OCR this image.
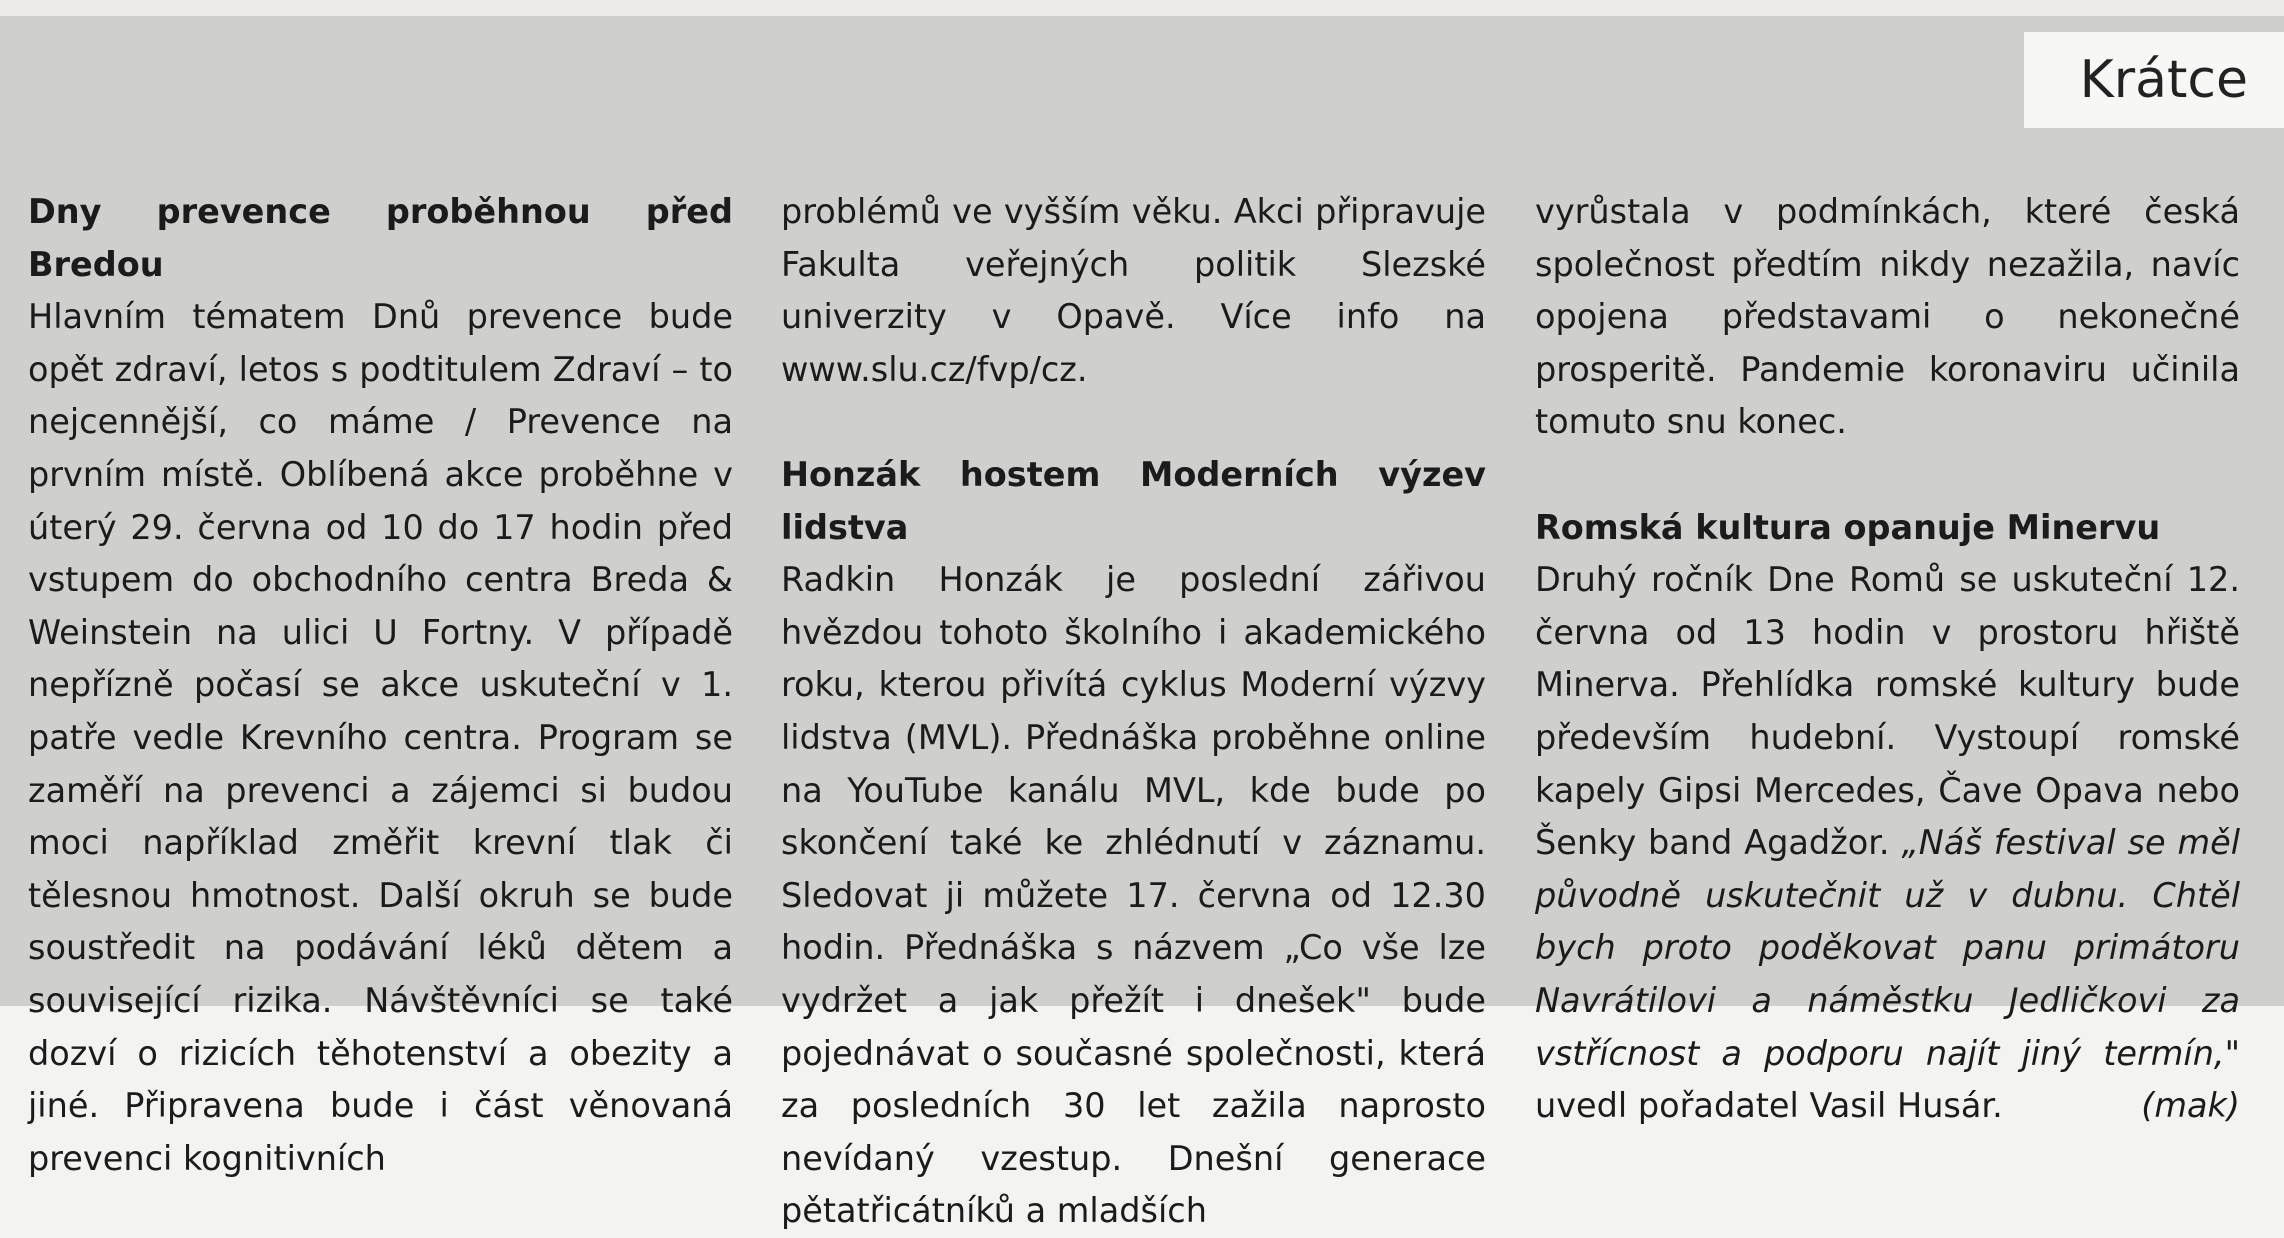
Krátce

Dny prevence proběhnou před Bredou

Hlavním tématem Dnů prevence bude opět zdraví, letos s podtitulem Zdraví – to nejcennější, co máme / Prevence na prvním místě. Oblíbená akce proběhne v úterý 29. června od 10 do 17 hodin před vstupem do obchodního centra Breda & Weinstein na ulici U Fortny. V případě nepřízně počasí se akce uskuteční v 1. patře vedle Krevního centra. Program se zaměří na prevenci a zájemci si budou moci například změřit krevní tlak či tělesnou hmotnost. Další okruh se bude soustředit na podávání léků dětem a související rizika. Návštěvníci se také dozví o rizicích těhotenství a obezity a jiné. Připravena bude i část věnovaná prevenci kognitivních

problémů ve vyšším věku. Akci připravuje Fakulta veřejných politik Slezské univerzity v Opavě. Více info na www.slu.cz/fvp/cz.

Honzák hostem Moderních výzev lidstva

Radkin Honzák je poslední zářivou hvězdou tohoto školního i akademického roku, kterou přivítá cyklus Moderní výzvy lidstva (MVL). Přednáška proběhne online na YouTube kanálu MVL, kde bude po skončení také ke zhlédnutí v záznamu. Sledovat ji můžete 17. června od 12.30 hodin. Přednáška s názvem „Co vše lze vydržet a jak přežít i dnešek" bude pojednávat o současné společnosti, která za posledních 30 let zažila naprosto nevídaný vzestup. Dnešní generace pětatřicátníků a mladších

vyrůstala v podmínkách, které česká společnost předtím nikdy nezažila, navíc opojena představami o nekonečné prosperitě. Pandemie koronaviru učinila tomuto snu konec.

Romská kultura opanuje Minervu

Druhý ročník Dne Romů se uskuteční 12. června od 13 hodin v prostoru hřiště Minerva. Přehlídka romské kultury bude především hudební. Vystoupí romské kapely Gipsi Mercedes, Čave Opava nebo Šenky band Agadžor. „Náš festival se měl původně uskutečnit už v dubnu. Chtěl bych proto poděkovat panu primátoru Navrátilovi a náměstku Jedličkovi za vstřícnost a podporu najít jiný termín," uvedl pořadatel Vasil Husár.	(mak)
